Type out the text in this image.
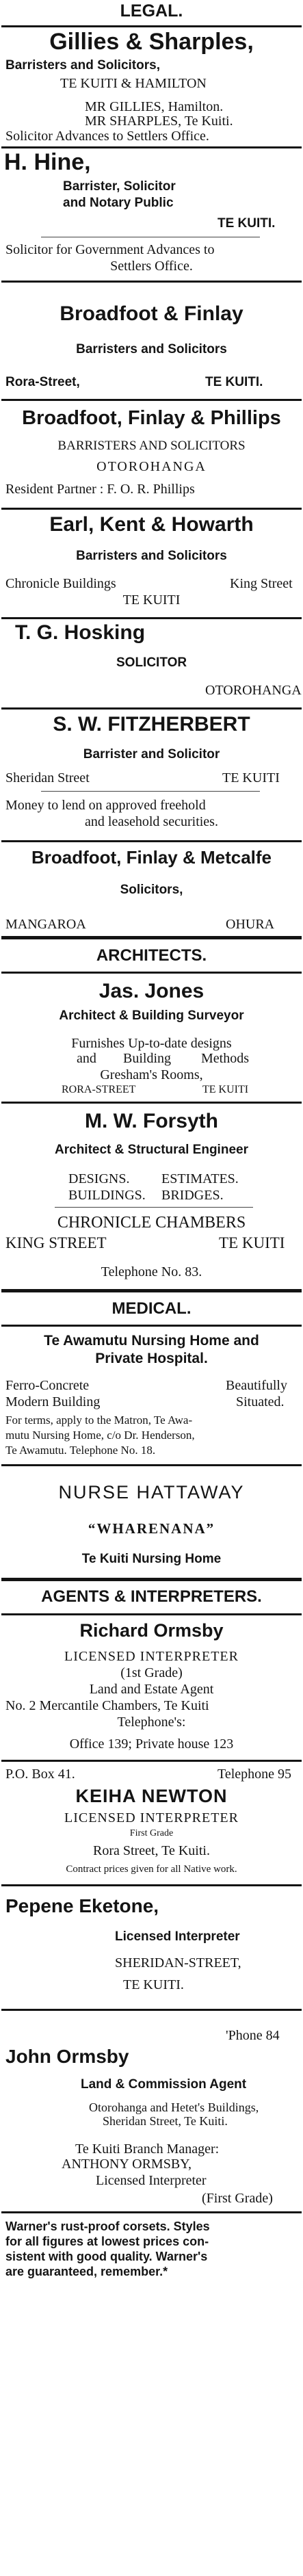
LEGAL.
Gillies & Sharples,
Barristers and Solicitors,
TE KUITI & HAMILTON
MR GILLIES, Hamilton.
MR SHARPLES, Te Kuiti.
Solicitor Advances to Settlers Office.
H. Hine,
Barrister, Solicitor
and Notary Public
TE KUITI.
Solicitor for Government Advances to
Settlers Office.
Broadfoot & Finlay
Barristers and Solicitors
Rora-Street,	TE KUITI.
Broadfoot, Finlay & Phillips
BARRISTERS AND SOLICITORS
OTOROHANGA
Resident Partner : F. O. R. Phillips
Earl, Kent & Howarth
Barristers and Solicitors
Chronicle Buildings	King Street
TE KUITI
T. G. Hosking
SOLICITOR
OTOROHANGA
S. W. FITZHERBERT
Barrister and Solicitor
Sheridan Street	TE KUITI
Money to lend on approved freehold
and leasehold securities.
Broadfoot, Finlay & Metcalfe
Solicitors,
MANGAROA	OHURA
ARCHITECTS.
Jas. Jones
Architect & Building Surveyor
Furnishes Up-to-date designs
and Building Methods
Gresham's Rooms,
RORA-STREET	TE KUITI
M. W. Forsyth
Architect & Structural Engineer
DESIGNS. ESTIMATES.
BUILDINGS. BRIDGES.
CHRONICLE CHAMBERS
KING STREET	TE KUITI
Telephone No. 83.
MEDICAL.
Te Awamutu Nursing Home and
Private Hospital.
Ferro-Concrete	Beautifully
Modern Building	Situated.
For terms, apply to the Matron, Te Awa-
mutu Nursing Home, c/o Dr. Henderson,
Te Awamutu. Telephone No. 18.
NURSE HATTAWAY
“WHARENANA”
Te Kuiti Nursing Home
AGENTS & INTERPRETERS.
Richard Ormsby
LICENSED INTERPRETER
(1st Grade)
Land and Estate Agent
No. 2 Mercantile Chambers, Te Kuiti
Telephone's:
Office 139; Private house 123
P.O. Box 41.	Telephone 95
KEIHA NEWTON
LICENSED INTERPRETER
First Grade
Rora Street, Te Kuiti.
Contract prices given for all Native work.
Pepene Eketone,
Licensed Interpreter
SHERIDAN-STREET,
TE KUITI.
'Phone 84
John Ormsby
Land & Commission Agent
Otorohanga and Hetet's Buildings,
Sheridan Street, Te Kuiti.
Te Kuiti Branch Manager:
ANTHONY ORMSBY,
Licensed Interpreter
(First Grade)
Warner's rust-proof corsets. Styles
for all figures at lowest prices con-
sistent with good quality. Warner's
are guaranteed, remember.*
